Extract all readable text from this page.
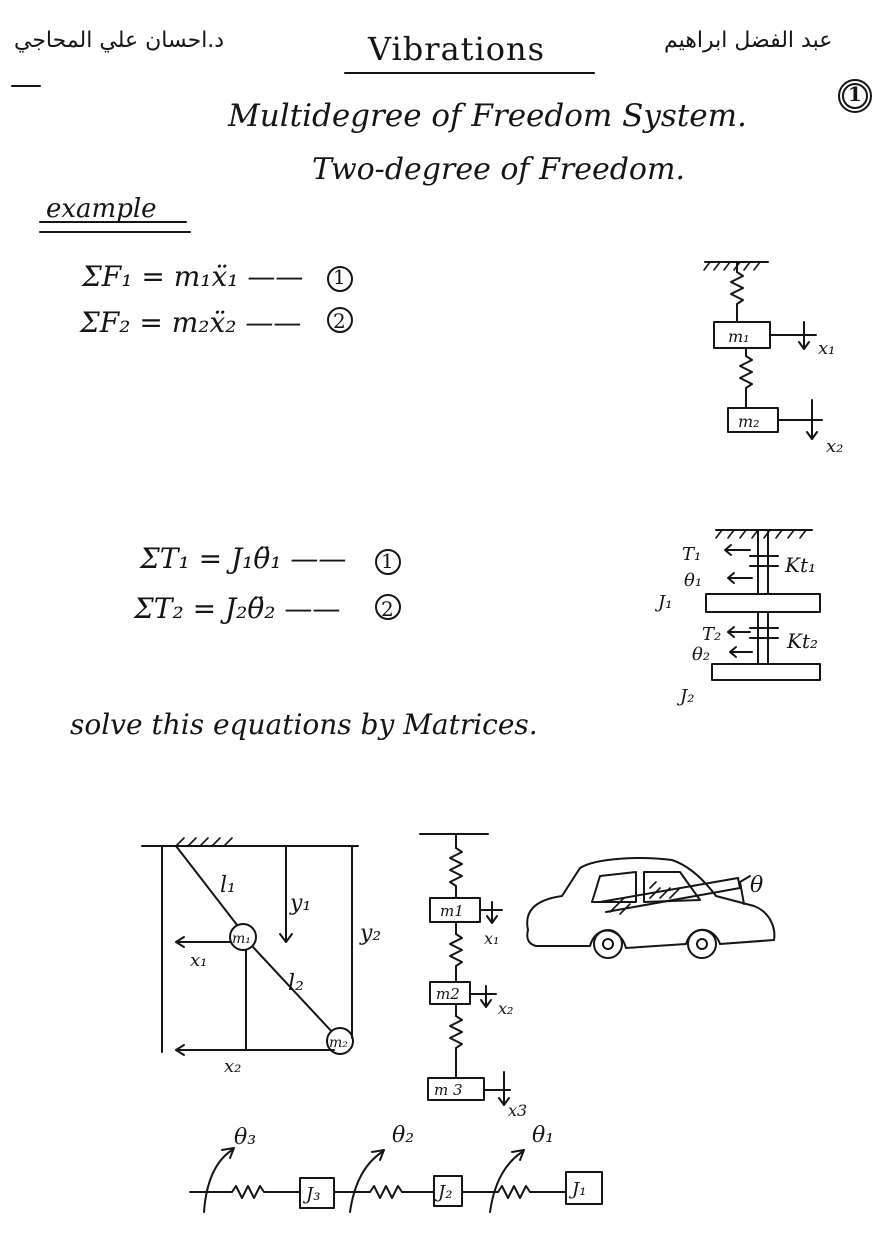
د.احسان علي المحاجي	Vibrations	عبد الفضل ابراهيم
1
Multidegree of Freedom System.
Two-degree of Freedom.
example
ΣF₁ = m₁ẍ₁ —— 1
ΣF₂ = m₂ẍ₂ —— 2
ΣT₁ = J₁θ̈₁ —— 1
ΣT₂ = J₂θ̈₂ —— 2
solve this equations by Matrices.
m₁
x₁
m₂
x₂
T₁
θ₁
J₁
Kt₁
T₂
θ₂
Kt₂
J₂
m₁
m₂
l₁
l₂
y₁
y₂
x₁
x₂
m1
x₁
m2
x₂
m 3
x3
θ
J₃
θ₃
J₂
θ₂
J₁
θ₁
